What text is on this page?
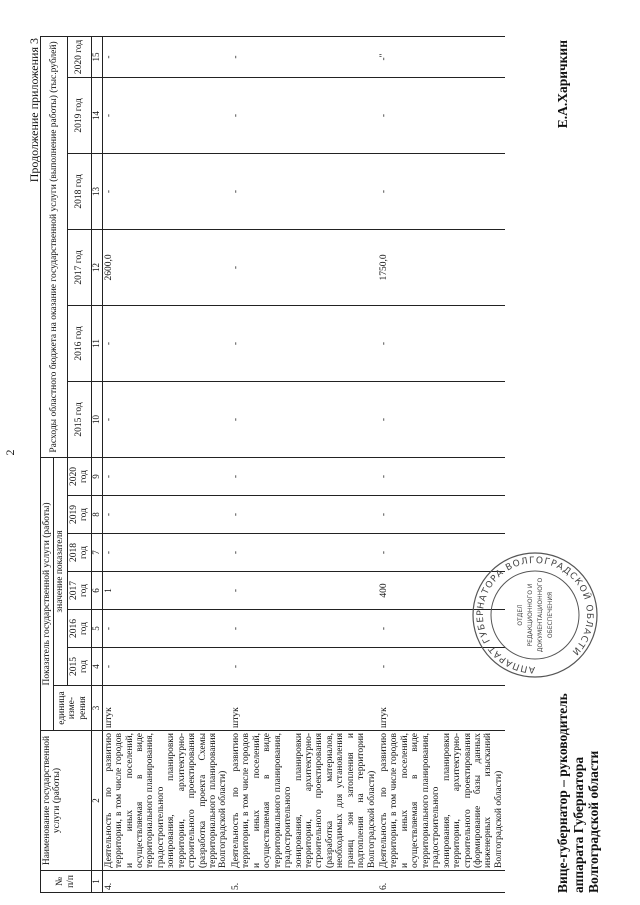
2
Продолжение приложения 3
№ п/п	Наименование государственной услуги (работы)	Показатель государственной услуги (работы)							Расходы областного бюджета на оказание государственной услуги (выполнение работы) (тыс.рублей)					
		единица изме-рения	значение показателя											
			2015 год	2016 год	2017 год	2018 год	2019 год	2020 год	2015 год	2016 год	2017 год	2018 год	2019 год	2020 год
1	2	3	4	5	6	7	8	9	10	11	12	13	14	15
4.	Деятельность по развитию территории, в том числе городов и иных поселений, осуществляемая в виде территориального планирования, градостроительного зонирования, планировки территории, архитектурно-строительного проектирования (разработка проекта Схемы территориального планирования Волгоградской области)	штук	-	-	1	-	-	-	-	-	2600,0	-	-	-
5.	Деятельность по развитию территории, в том числе городов и иных поселений, осуществляемая в виде территориального планирования, градостроительного зонирования, планировки территории, архитектурно-строительного проектирования (разработка материалов, необходимых для установления границ зон затопления и подтопления на территории Волгоградской области)	штук	-	-	-	-	-	-	-	-	-	-	-	-
6.	Деятельность по развитию территории, в том числе городов и иных поселений, осуществляемая в виде территориального планирования, градостроительного зонирования, планировки территории, архитектурно-строительного проектирования (формирование базы данных инженерных изысканий Волгоградской области)	штук	-	-	400	-	-	-	-	-	1750,0	-	-	-"
Вице-губернатор – руководитель аппарата Губернатора Волгоградской области
Е.А.Харичкин
АППАРАТ ГУБЕРНАТОРА ВОЛГОГРАДСКОЙ ОБЛАСТИ
ОТДЕЛ РЕДАКЦИОННОГО И ДОКУМЕНТАЦИОННОГО ОБЕСПЕЧЕНИЯ
